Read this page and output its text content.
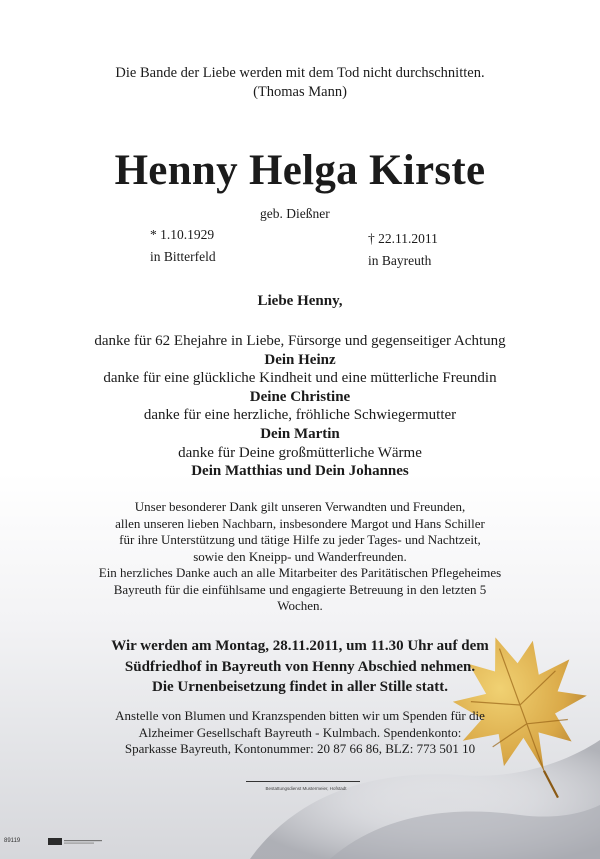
Die Bande der Liebe werden mit dem Tod nicht durchschnitten.
(Thomas Mann)
Henny Helga Kirste
geb. Dießner
* 1.10.1929
in Bitterfeld
† 22.11.2011
in Bayreuth
Liebe Henny,
danke für 62 Ehejahre in Liebe, Fürsorge und gegenseitiger Achtung
Dein Heinz
danke für eine glückliche Kindheit und eine mütterliche Freundin
Deine Christine
danke für eine herzliche, fröhliche Schwiegermutter
Dein Martin
danke für Deine großmütterliche Wärme
Dein Matthias und Dein Johannes
Unser besonderer Dank gilt unseren Verwandten und Freunden,
allen unseren lieben Nachbarn, insbesondere Margot und Hans Schiller
für ihre Unterstützung und tätige Hilfe zu jeder Tages- und Nachtzeit,
sowie den Kneipp- und Wanderfreunden.
Ein herzliches Danke auch an alle Mitarbeiter des Paritätischen Pflegeheimes
Bayreuth für die einfühlsame und engagierte Betreuung in den letzten 5
Wochen.
Wir werden am Montag, 28.11.2011, um 11.30 Uhr auf dem
Südfriedhof in Bayreuth von Henny Abschied nehmen.
Die Urnenbeisetzung findet in aller Stille statt.
Anstelle von Blumen und Kranzspenden bitten wir um Spenden für die
Alzheimer Gesellschaft Bayreuth - Kulmbach. Spendenkonto:
Sparkasse Bayreuth, Kontonummer: 20 87 66 86, BLZ: 773 501 10
Bestattungsdienst Mustermeier, Hofstadt
89119
